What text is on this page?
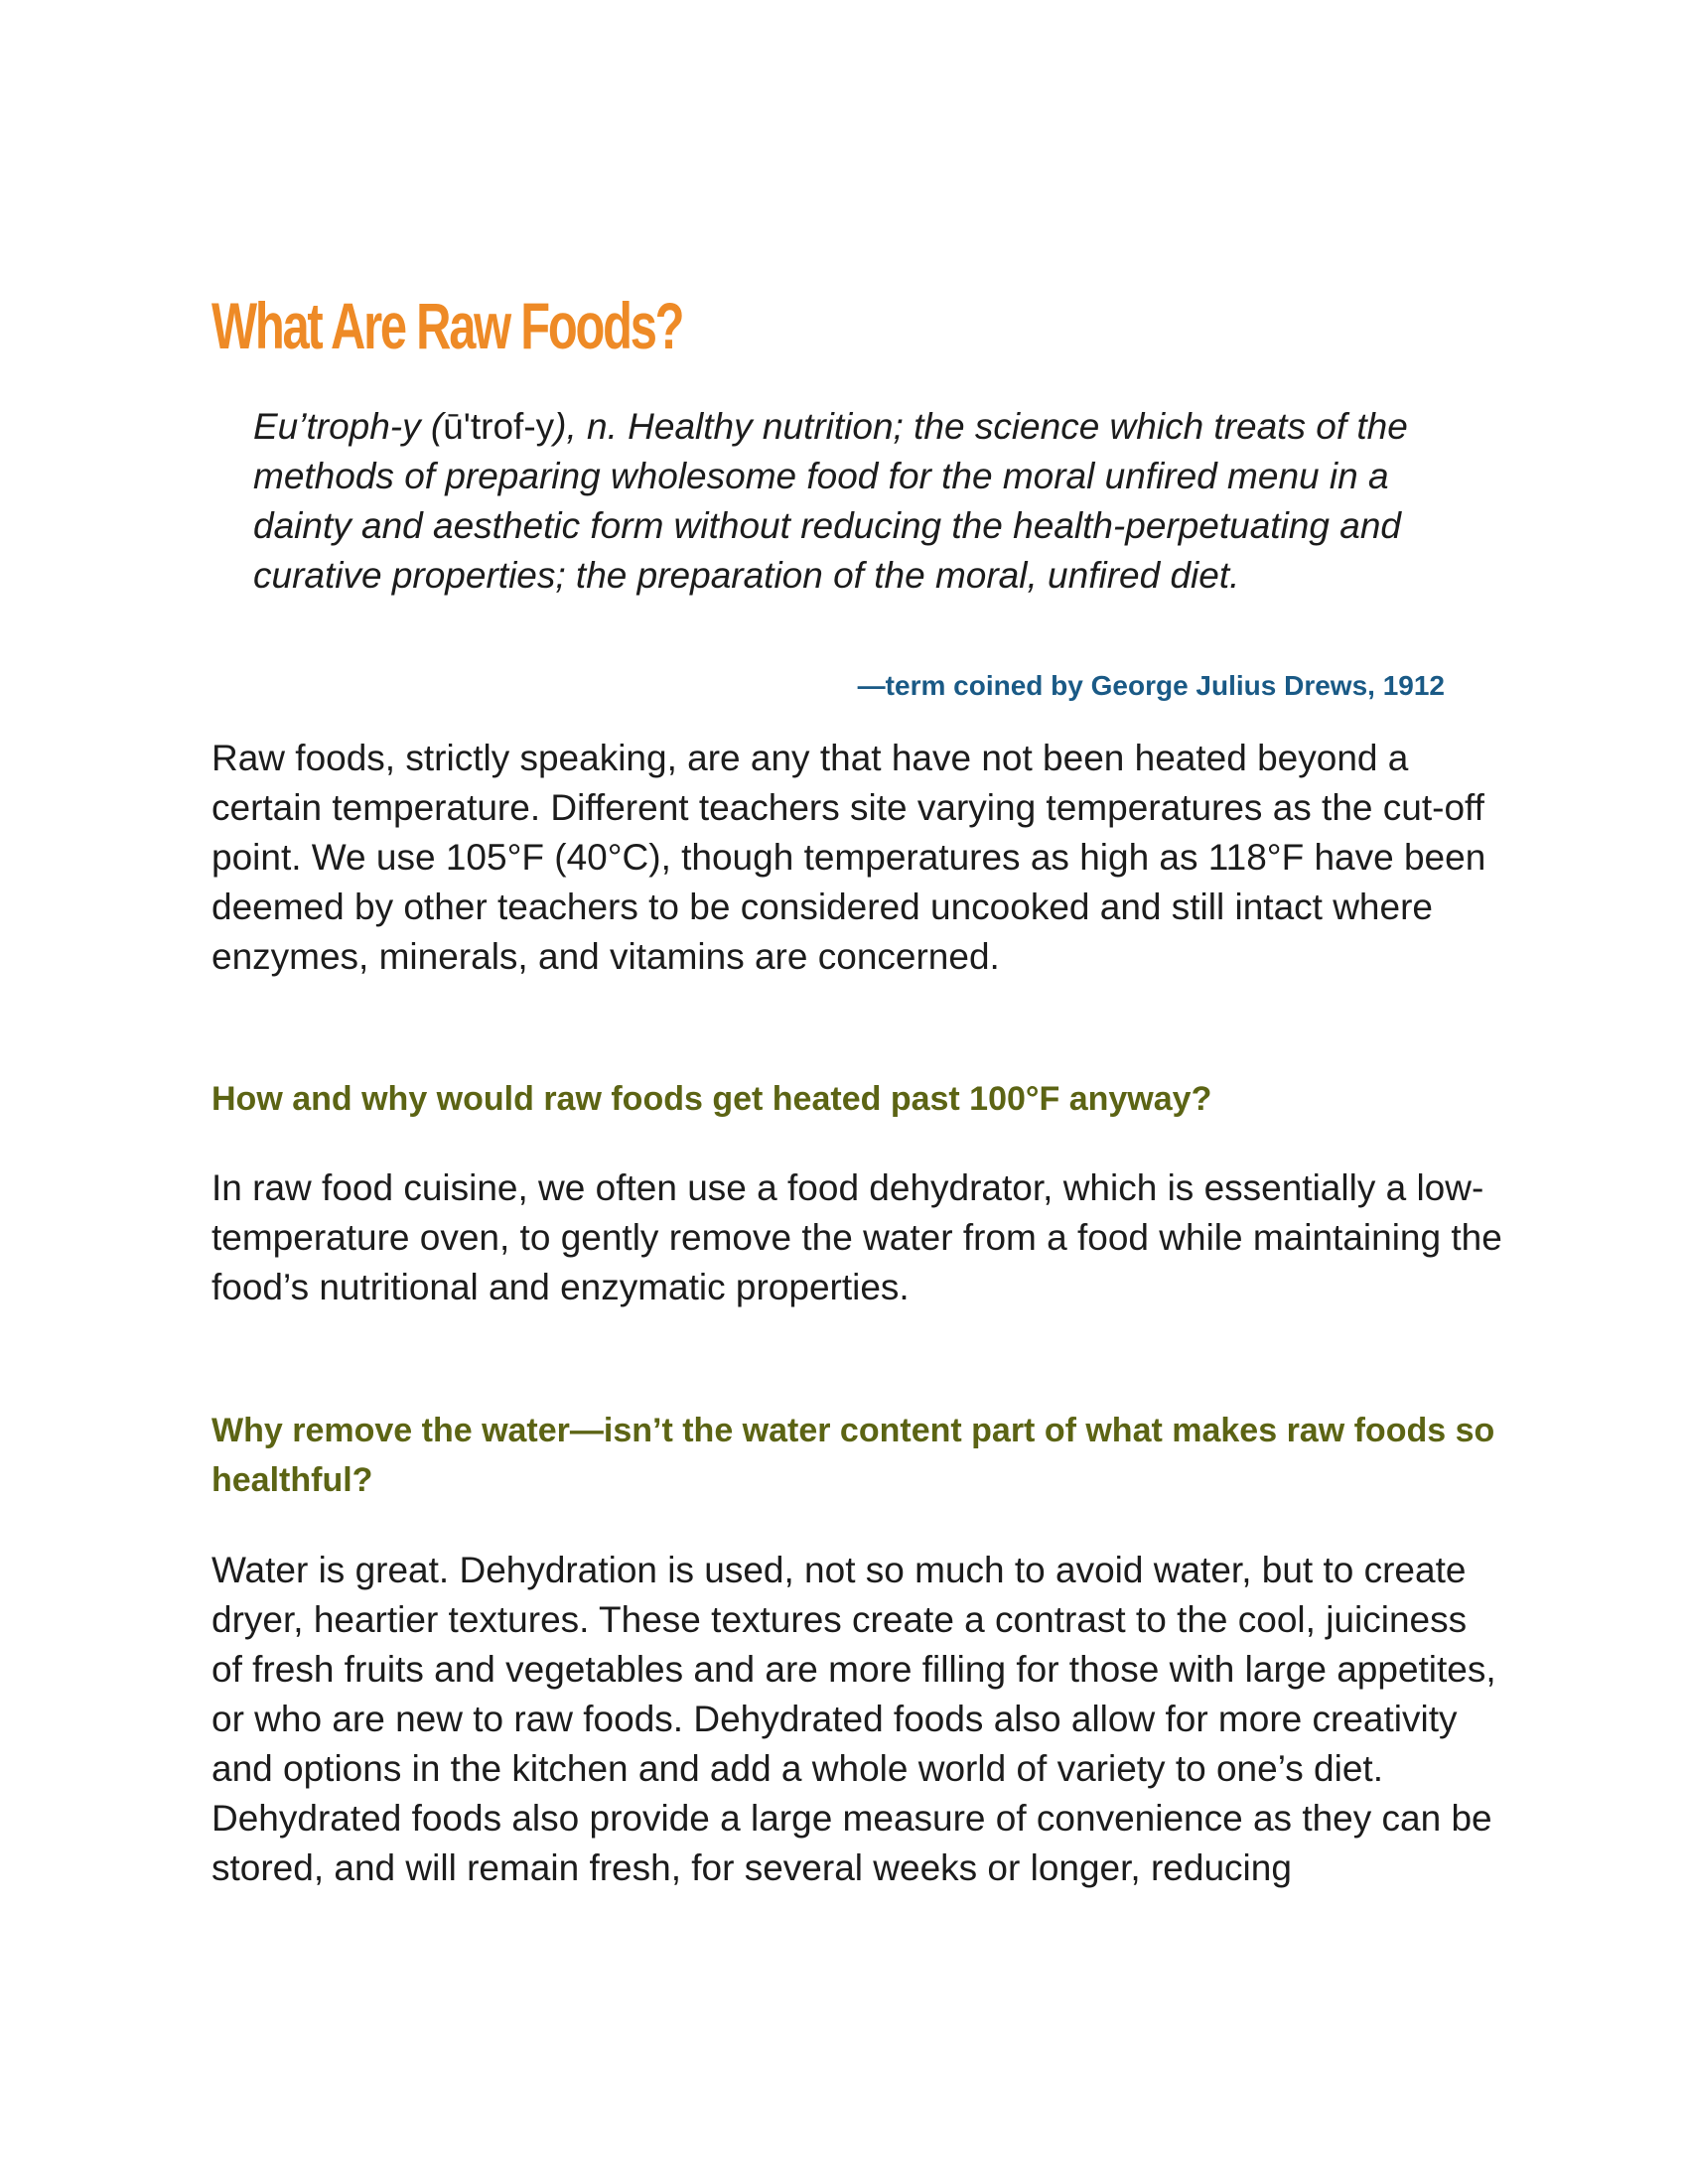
What Are Raw Foods?

Eu’troph-y (ū'trof-y), n. Healthy nutrition; the science which treats of the methods of preparing wholesome food for the moral unfired menu in a dainty and aesthetic form without reducing the health-perpetuating and curative properties; the preparation of the moral, unfired diet.

—term coined by George Julius Drews, 1912

Raw foods, strictly speaking, are any that have not been heated beyond a certain temperature. Different teachers site varying temperatures as the cut-off point. We use 105°F (40°C), though temperatures as high as 118°F have been deemed by other teachers to be considered uncooked and still intact where enzymes, minerals, and vitamins are concerned.

How and why would raw foods get heated past 100°F anyway?

In raw food cuisine, we often use a food dehydrator, which is essentially a low-temperature oven, to gently remove the water from a food while maintaining the food’s nutritional and enzymatic properties.

Why remove the water—isn’t the water content part of what makes raw foods so healthful?

Water is great. Dehydration is used, not so much to avoid water, but to create dryer, heartier textures. These textures create a contrast to the cool, juiciness of fresh fruits and vegetables and are more filling for those with large appetites, or who are new to raw foods. Dehydrated foods also allow for more creativity and options in the kitchen and add a whole world of variety to one’s diet. Dehydrated foods also provide a large measure of convenience as they can be stored, and will remain fresh, for several weeks or longer, reducing
